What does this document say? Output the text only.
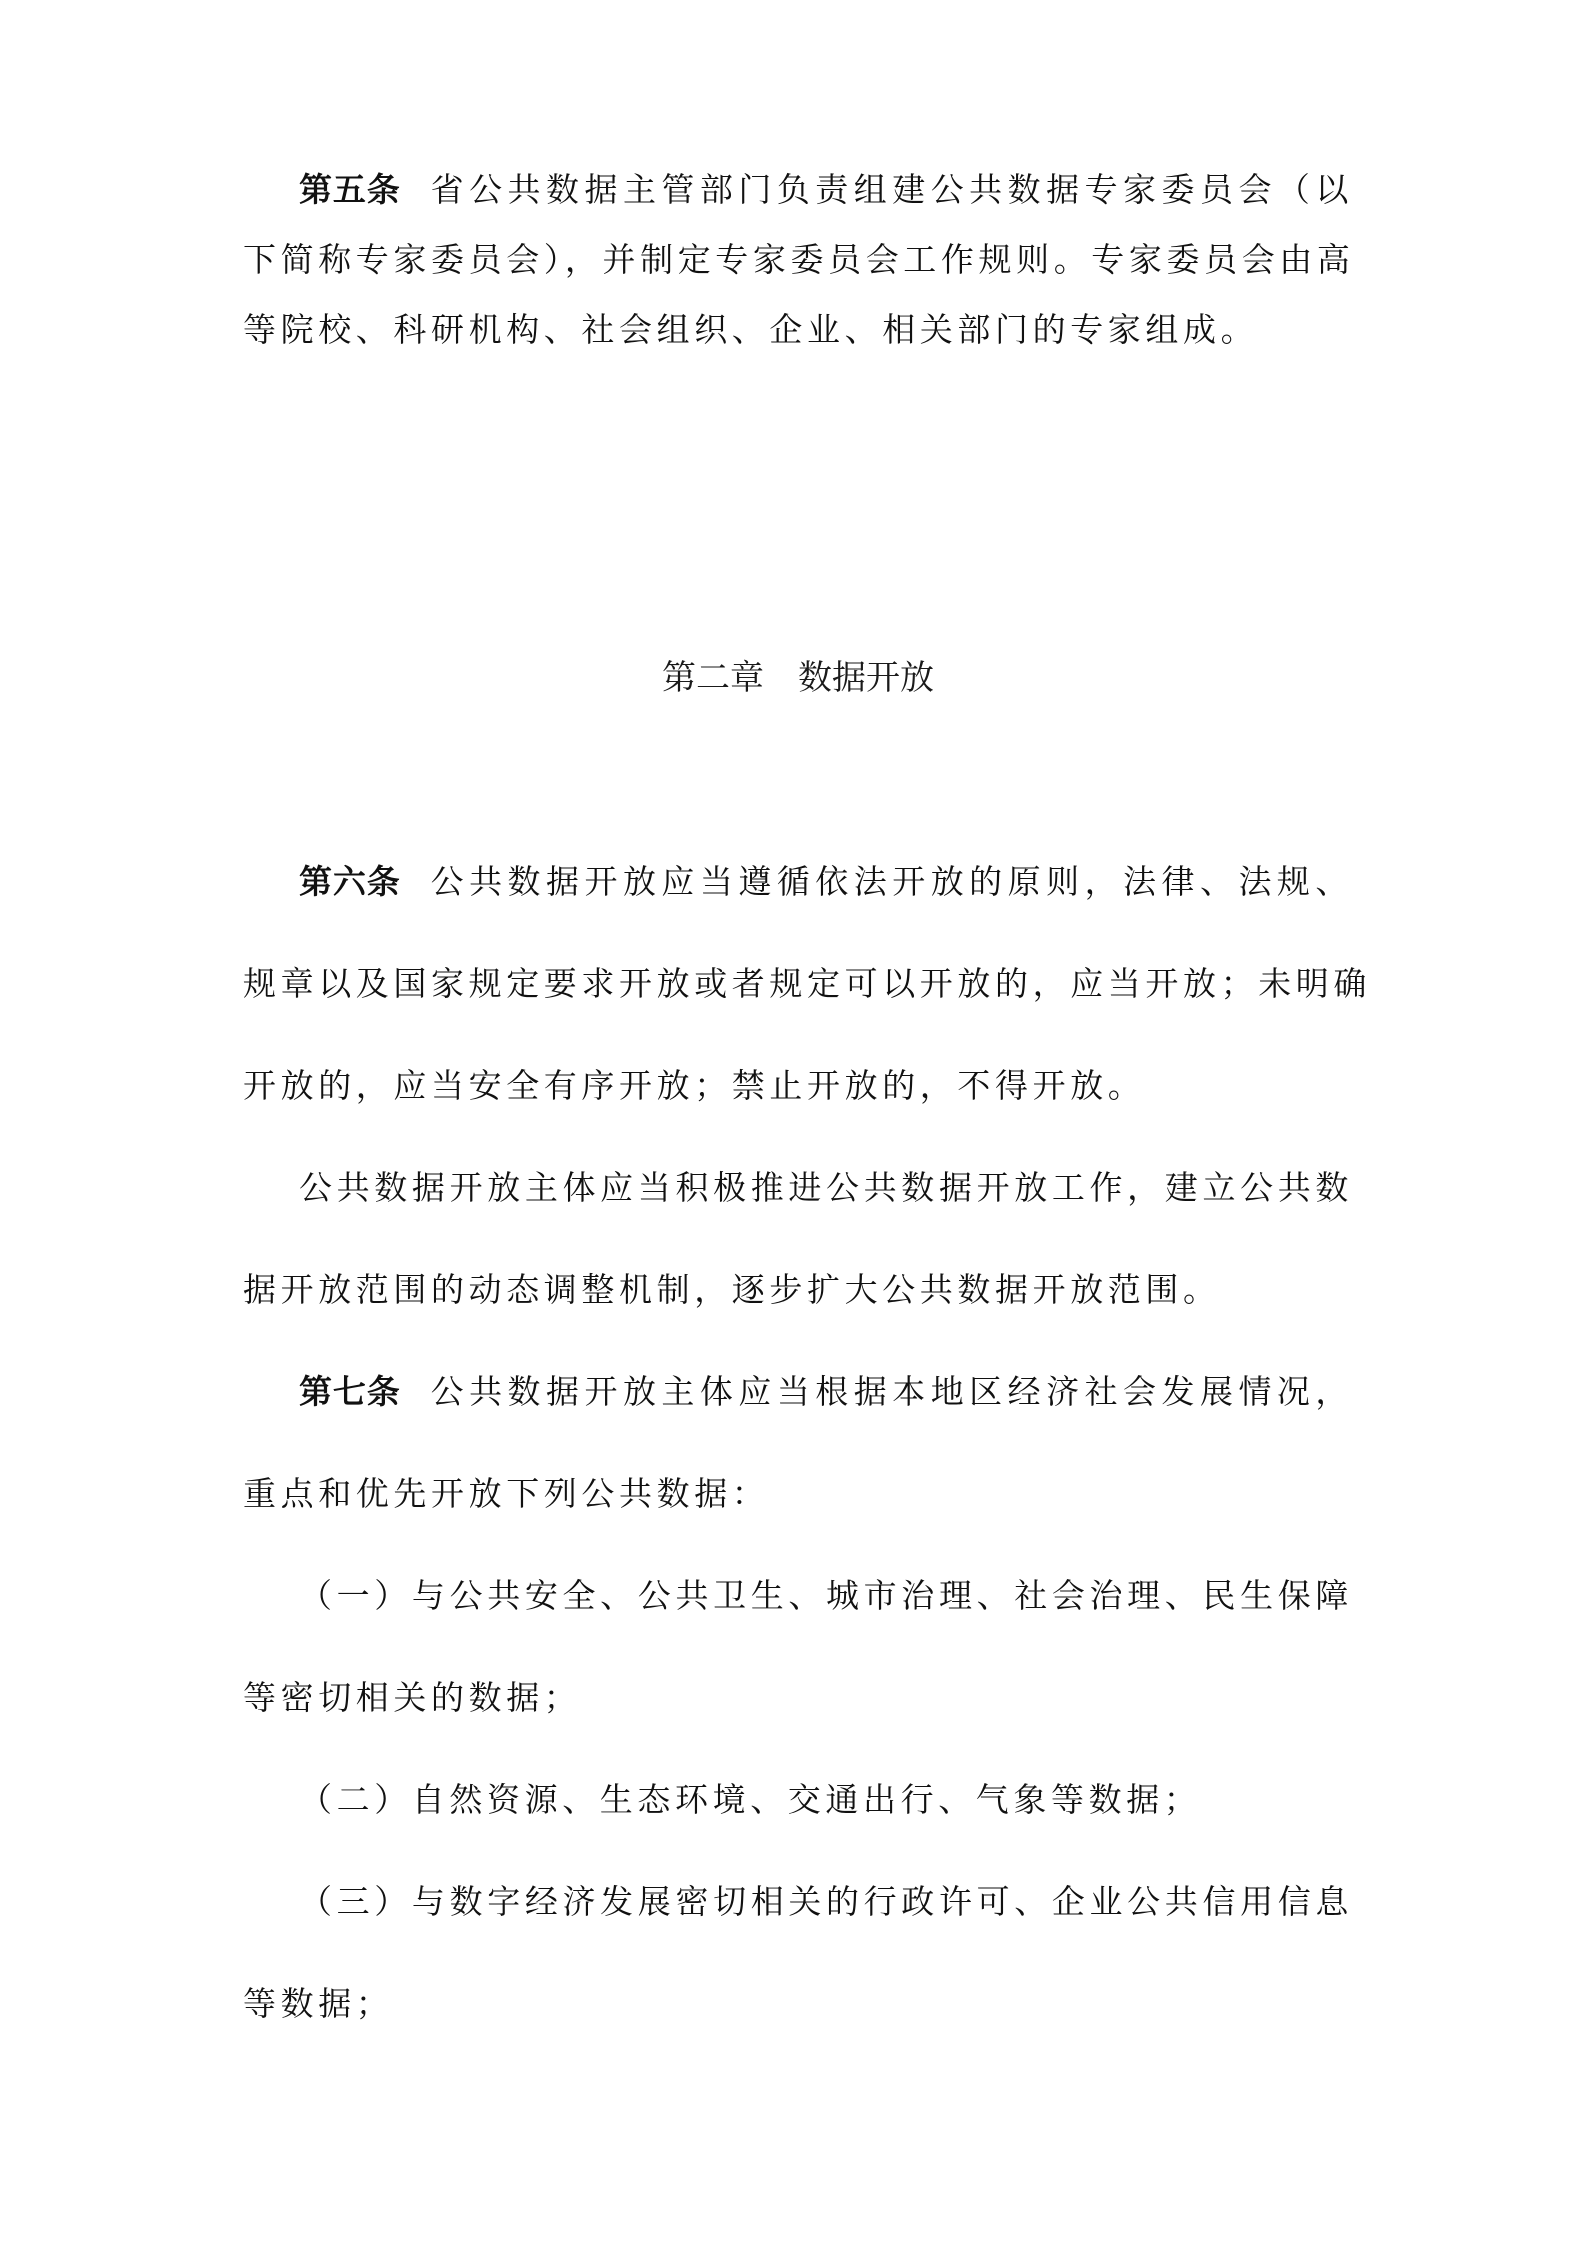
第五条 省公共数据主管部门负责组建公共数据专家委员会（以
下简称专家委员会），并制定专家委员会工作规则。专家委员会由高
等院校、科研机构、社会组织、企业、相关部门的专家组成。
第二章 数据开放
第六条 公共数据开放应当遵循依法开放的原则，法律、法规、
规章以及国家规定要求开放或者规定可以开放的，应当开放；未明确
开放的，应当安全有序开放；禁止开放的，不得开放。
公共数据开放主体应当积极推进公共数据开放工作，建立公共数
据开放范围的动态调整机制，逐步扩大公共数据开放范围。
第七条 公共数据开放主体应当根据本地区经济社会发展情况，
重点和优先开放下列公共数据：
（一）与公共安全、公共卫生、城市治理、社会治理、民生保障
等密切相关的数据；
（二）自然资源、生态环境、交通出行、气象等数据；
（三）与数字经济发展密切相关的行政许可、企业公共信用信息
等数据；
